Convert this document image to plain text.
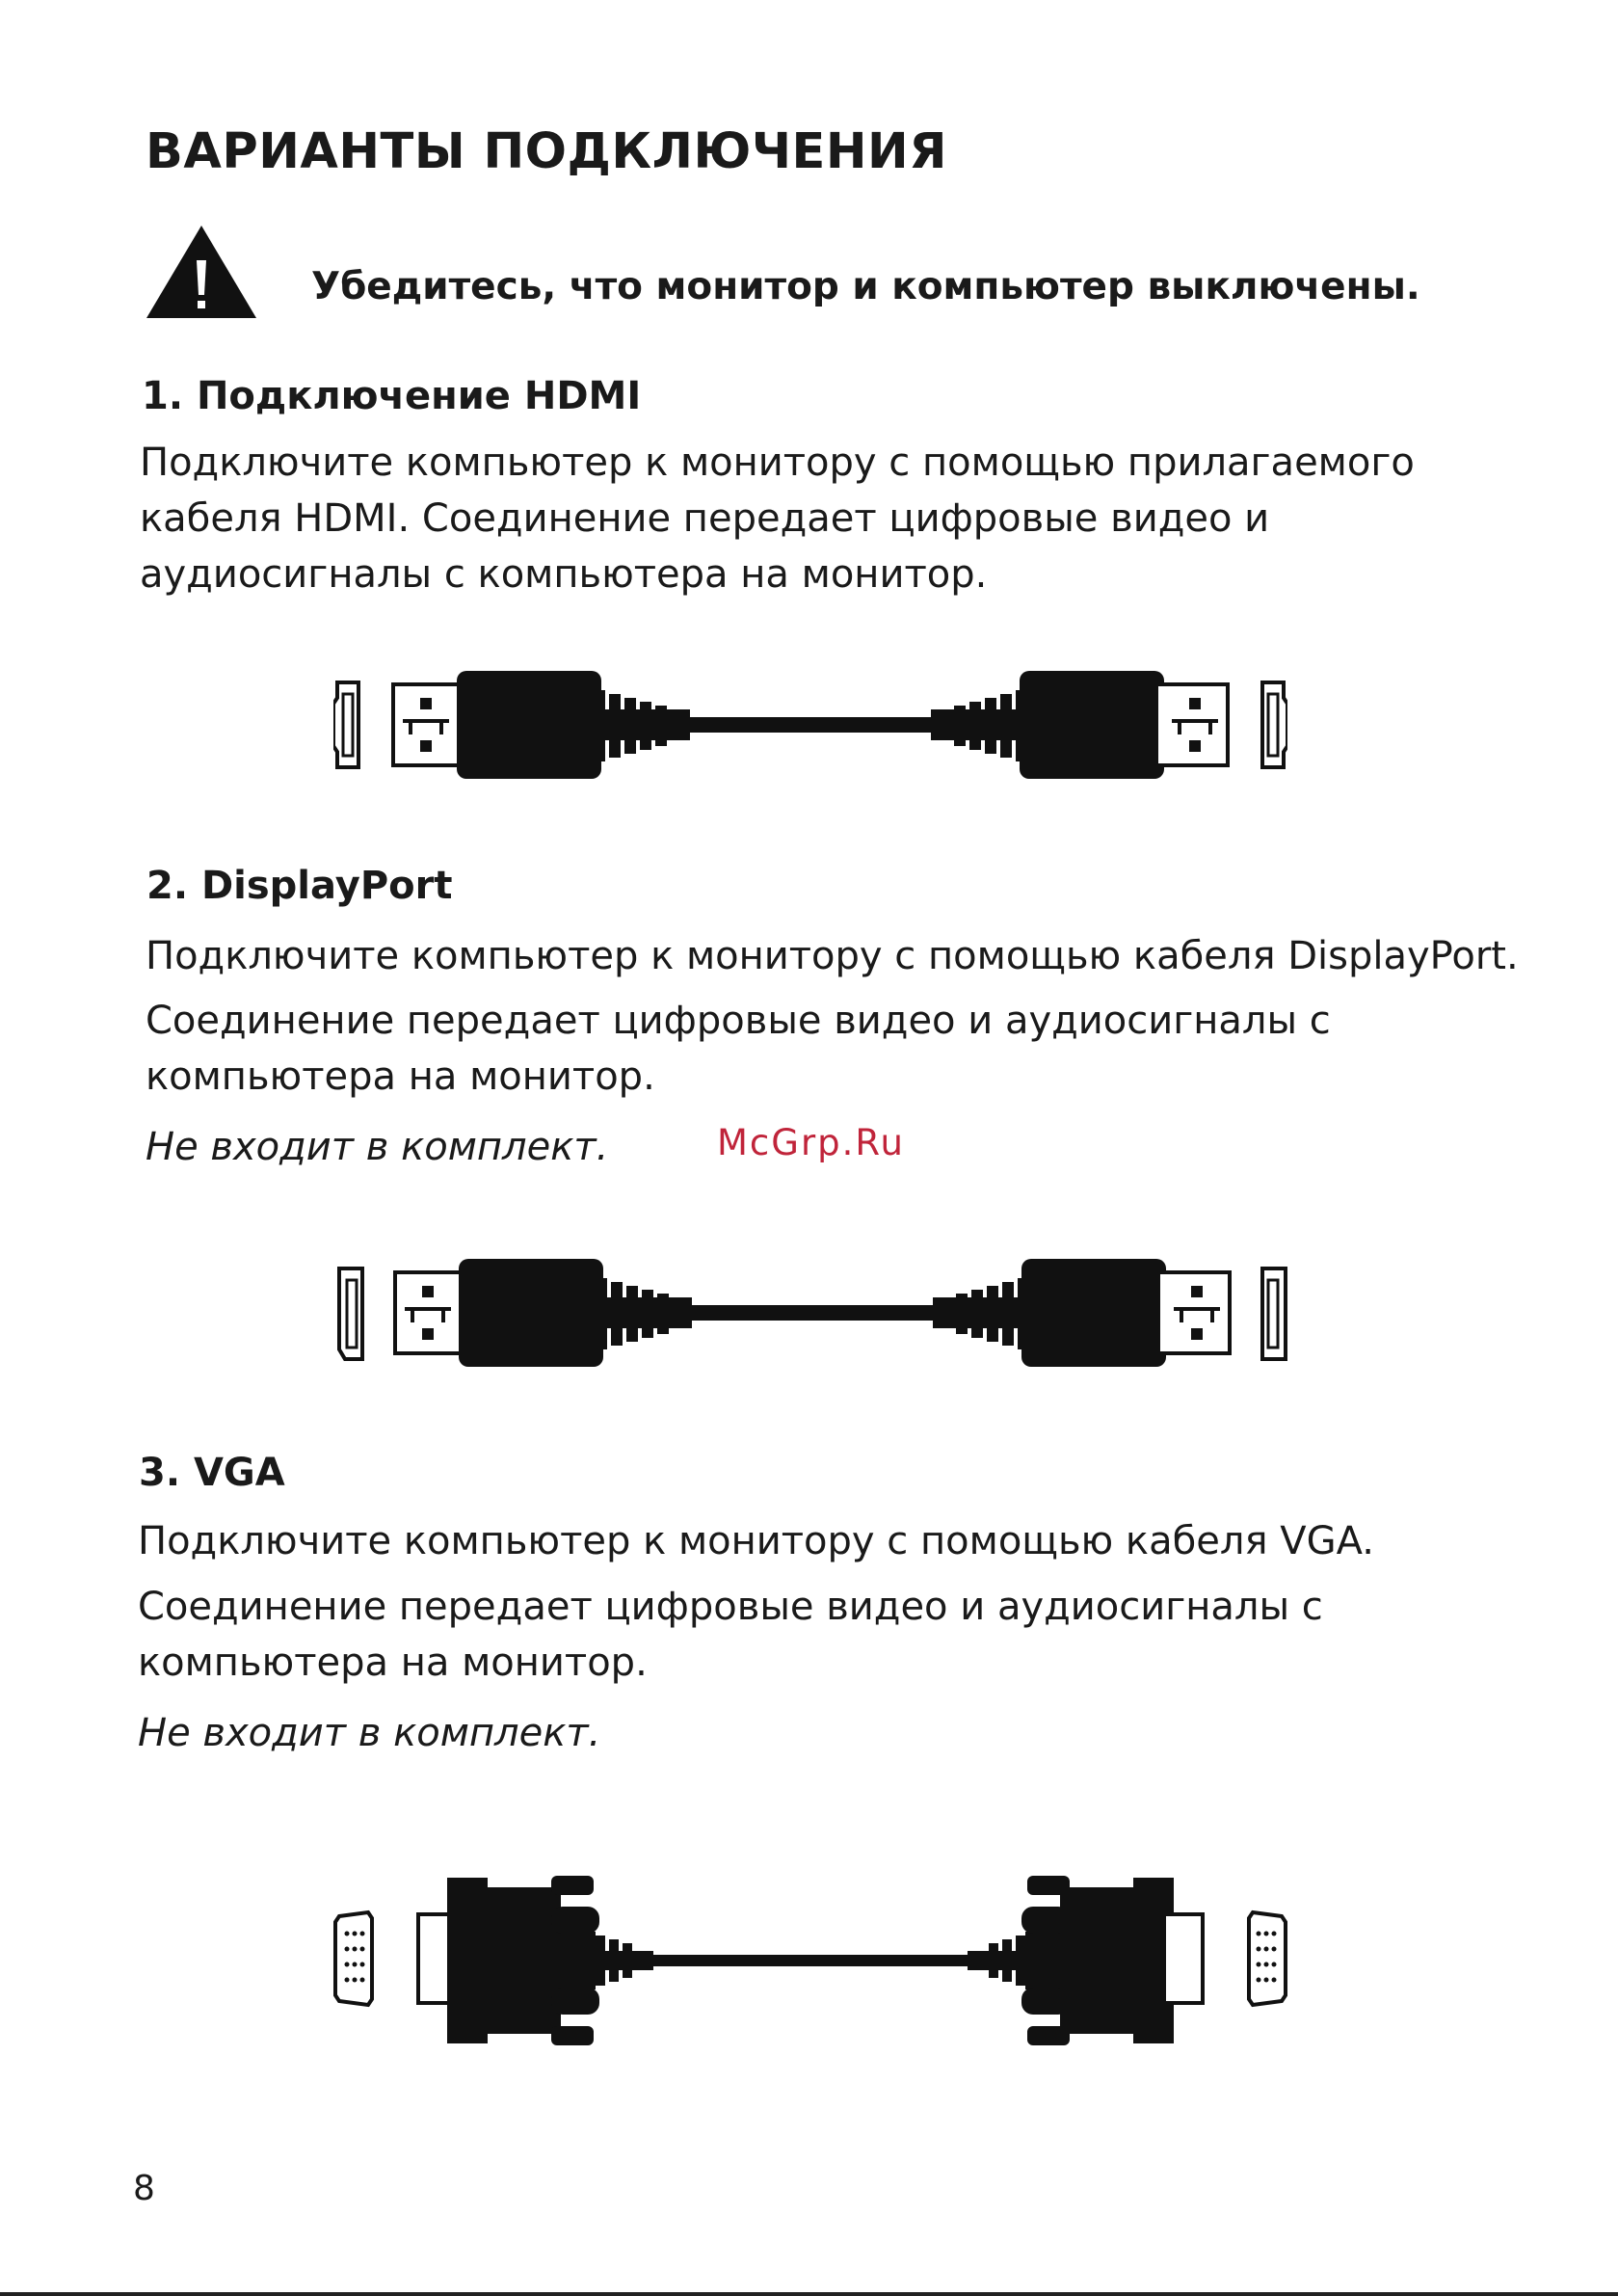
ВАРИАНТЫ ПОДКЛЮЧЕНИЯ
Убедитесь, что монитор и компьютер выключены.
1. Подключение HDMI
Подключите компьютер к монитору с помощью прилагаемого
кабеля HDMI. Соединение передает цифровые видео и
аудиосигналы с компьютера на монитор.
2. DisplayPort
Подключите компьютер к монитору с помощью кабеля DisplayPort.
Соединение передает цифровые видео и аудиосигналы с
компьютера на монитор.
Не входит в комплект.	McGrp.Ru
3. VGA
Подключите компьютер к монитору с помощью кабеля VGA.
Соединение передает цифровые видео и аудиосигналы с
компьютера на монитор.
Не входит в комплект.
8
